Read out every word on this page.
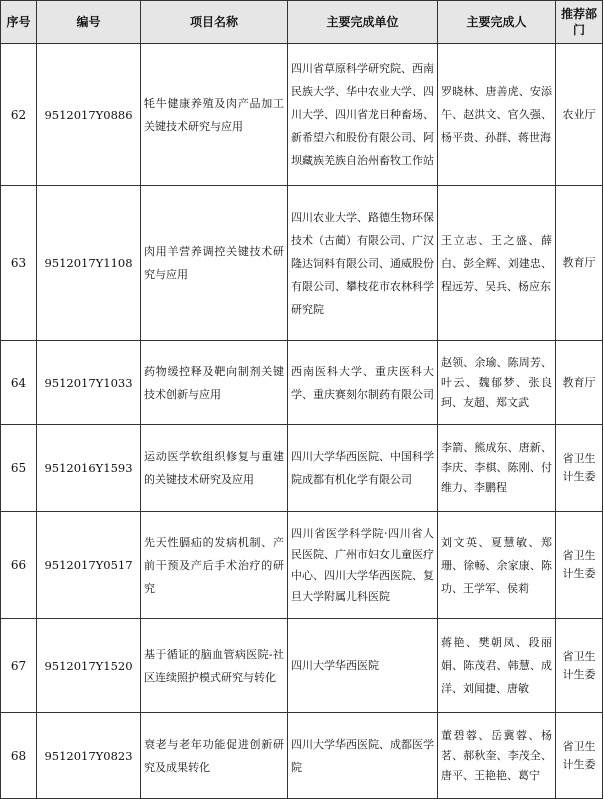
序号	编号	项目名称	主要完成单位	主要完成人	推荐部门
62	9512017Y0886	牦牛健康养殖及肉产品加工关键技术研究与应用	四川省草原科学研究院、西南民族大学、华中农业大学、四川大学、四川省龙日种畜场、新希望六和股份有限公司、阿坝藏族羌族自治州畜牧工作站	罗晓林、唐善虎、安添午、赵洪文、官久强、杨平贵、孙群、蒋世海	农业厅
63	9512017Y1108	肉用羊营养调控关键技术研究与应用	四川农业大学、路德生物环保技术（古蔺）有限公司、广汉隆达饲料有限公司、通威股份有限公司、攀枝花市农林科学研究院	王立志、王之盛、薛白、彭全辉、刘建忠、程远芳、吴兵、杨应东	教育厅
64	9512017Y1033	药物缓控释及靶向制剂关键技术创新与应用	西南医科大学、重庆医科大学、重庆赛刻尔制药有限公司	赵领、余瑜、陈周芳、叶云、魏郁梦、张良珂、友超、郑文武	教育厅
65	9512016Y1593	运动医学软组织修复与重建的关键技术研究及应用	四川大学华西医院、中国科学院成都有机化学有限公司	李箭、熊成东、唐新、李庆、李棋、陈刚、付维力、李鹏程	省卫生计生委
66	9512017Y0517	先天性膈疝的发病机制、产前干预及产后手术治疗的研究	四川省医学科学院·四川省人民医院、广州市妇女儿童医疗中心、四川大学华西医院、复旦大学附属儿科医院	刘文英、夏慧敏、郑珊、徐畅、余家康、陈功、王学军、侯莉	省卫生计生委
67	9512017Y1520	基于循证的脑血管病医院-社区连续照护模式研究与转化	四川大学华西医院	蒋艳、樊朝凤、段丽娟、陈茂君、韩慧、成洋、刘闻捷、唐敏	省卫生计生委
68	9512017Y0823	衰老与老年功能促进创新研究及成果转化	四川大学华西医院、成都医学院	董碧蓉、岳冀蓉、杨茗、郝秋奎、李茂全、唐平、王艳艳、葛宁	省卫生计生委
